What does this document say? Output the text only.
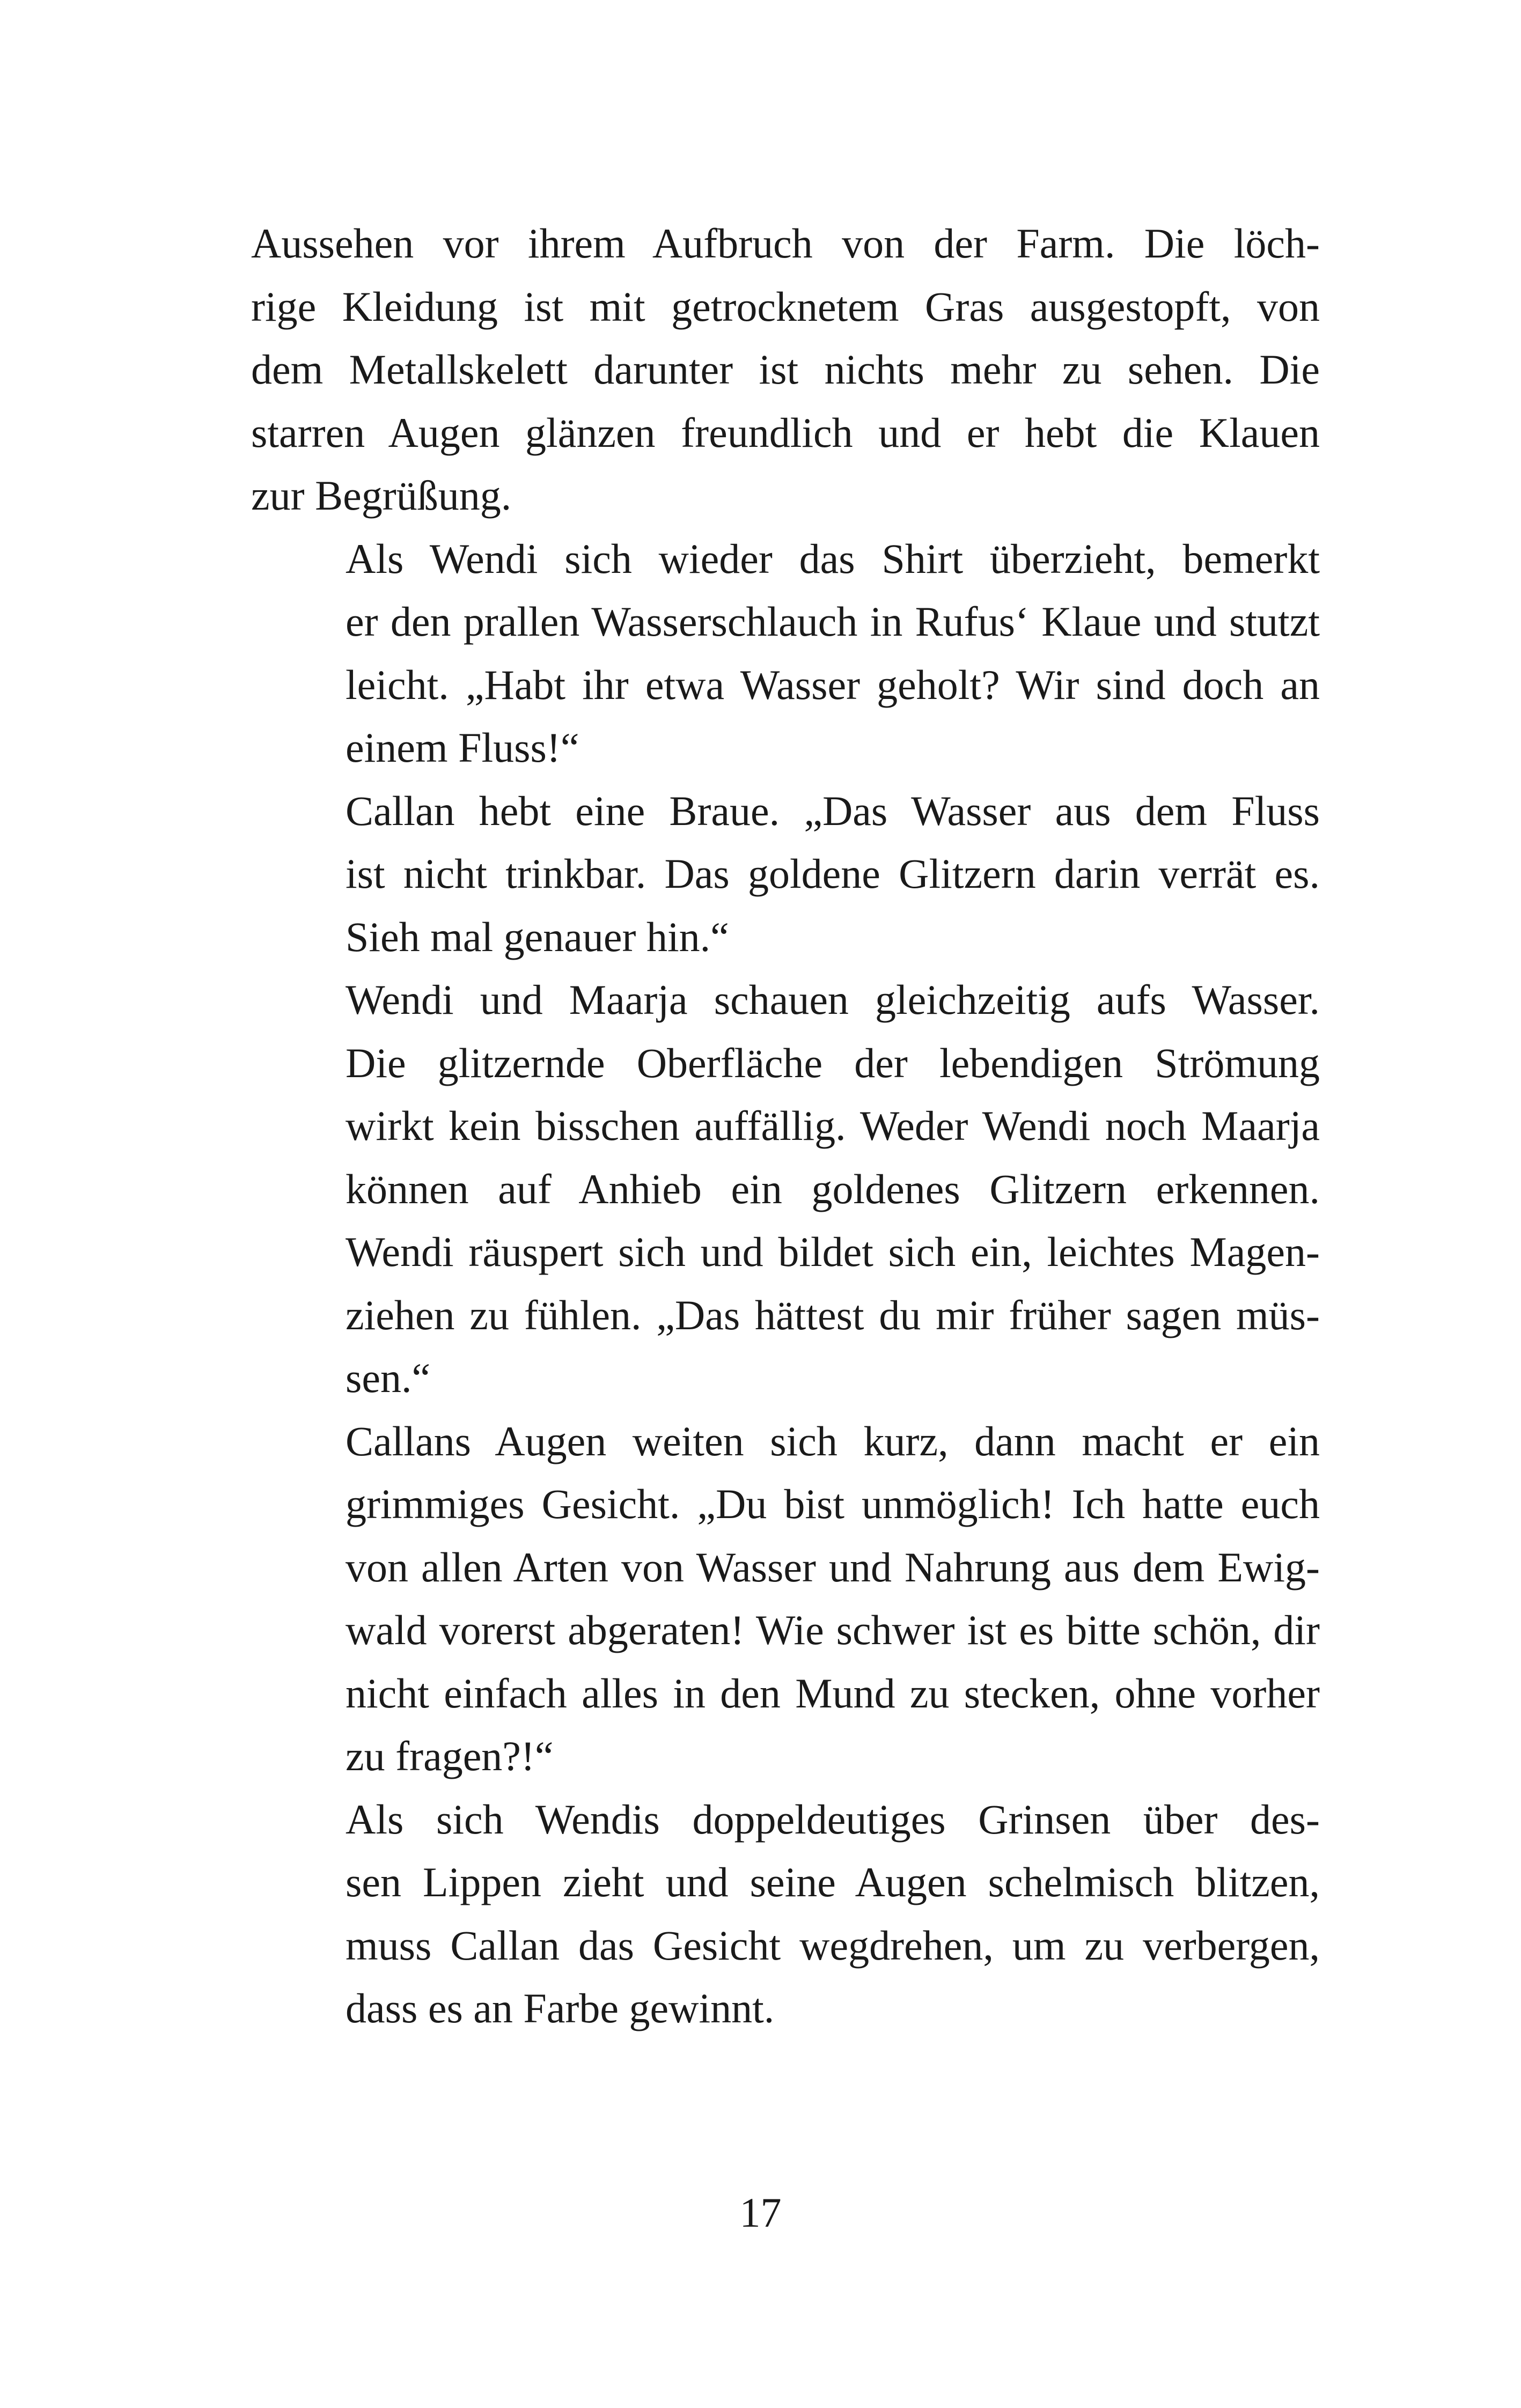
Aussehen vor ihrem Aufbruch von der Farm. Die löch-
rige Kleidung ist mit getrocknetem Gras ausgestopft, von
dem Metallskelett darunter ist nichts mehr zu sehen. Die
starren Augen glänzen freundlich und er hebt die Klauen
zur Begrüßung.

Als Wendi sich wieder das Shirt überzieht, bemerkt
er den prallen Wasserschlauch in Rufus‘ Klaue und stutzt
leicht. „Habt ihr etwa Wasser geholt? Wir sind doch an
einem Fluss!“

Callan hebt eine Braue. „Das Wasser aus dem Fluss
ist nicht trinkbar. Das goldene Glitzern darin verrät es.
Sieh mal genauer hin.“

Wendi und Maarja schauen gleichzeitig aufs Wasser.
Die glitzernde Oberfläche der lebendigen Strömung
wirkt kein bisschen auffällig. Weder Wendi noch Maarja
können auf Anhieb ein goldenes Glitzern erkennen.
Wendi räuspert sich und bildet sich ein, leichtes Magen-
ziehen zu fühlen. „Das hättest du mir früher sagen müs-
sen.“

Callans Augen weiten sich kurz, dann macht er ein
grimmiges Gesicht. „Du bist unmöglich! Ich hatte euch
von allen Arten von Wasser und Nahrung aus dem Ewig-
wald vorerst abgeraten! Wie schwer ist es bitte schön, dir
nicht einfach alles in den Mund zu stecken, ohne vorher
zu fragen?!“

Als sich Wendis doppeldeutiges Grinsen über des-
sen Lippen zieht und seine Augen schelmisch blitzen,
muss Callan das Gesicht wegdrehen, um zu verbergen,
dass es an Farbe gewinnt.

17
